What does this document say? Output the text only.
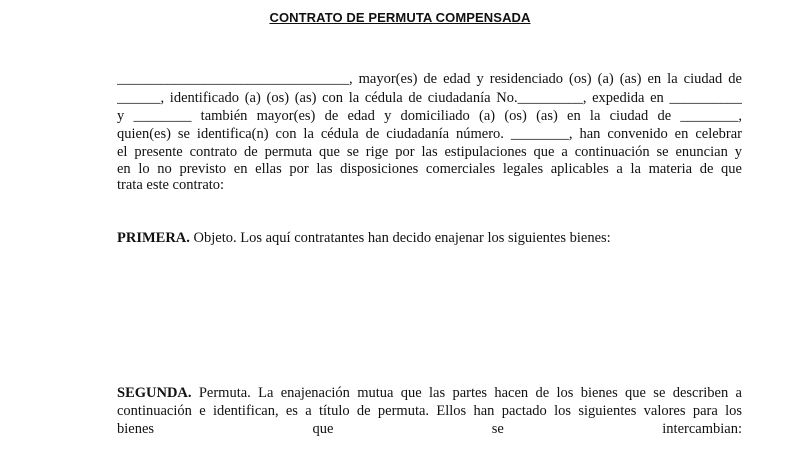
CONTRATO DE PERMUTA COMPENSADA
________________________________, mayor(es) de edad y residenciado (os) (a) (as) en la ciudad de
______, identificado (a) (os) (as) con la cédula de ciudadanía No._________, expedida en __________
y ________ también mayor(es) de edad y domiciliado (a) (os) (as) en la ciudad de ________,
quien(es) se identifica(n) con la cédula de ciudadanía número. ________, han convenido en celebrar
el presente contrato de permuta que se rige por las estipulaciones que a continuación se enuncian y
en lo no previsto en ellas por las disposiciones comerciales legales aplicables a la materia de que
trata este contrato:
PRIMERA. Objeto. Los aquí contratantes han decido enajenar los siguientes bienes:
SEGUNDA. Permuta. La enajenación mutua que las partes hacen de los bienes que se describen a
continuación e identifican, es a título de permuta. Ellos han pactado los siguientes valores para los
bienes que se intercambian:
